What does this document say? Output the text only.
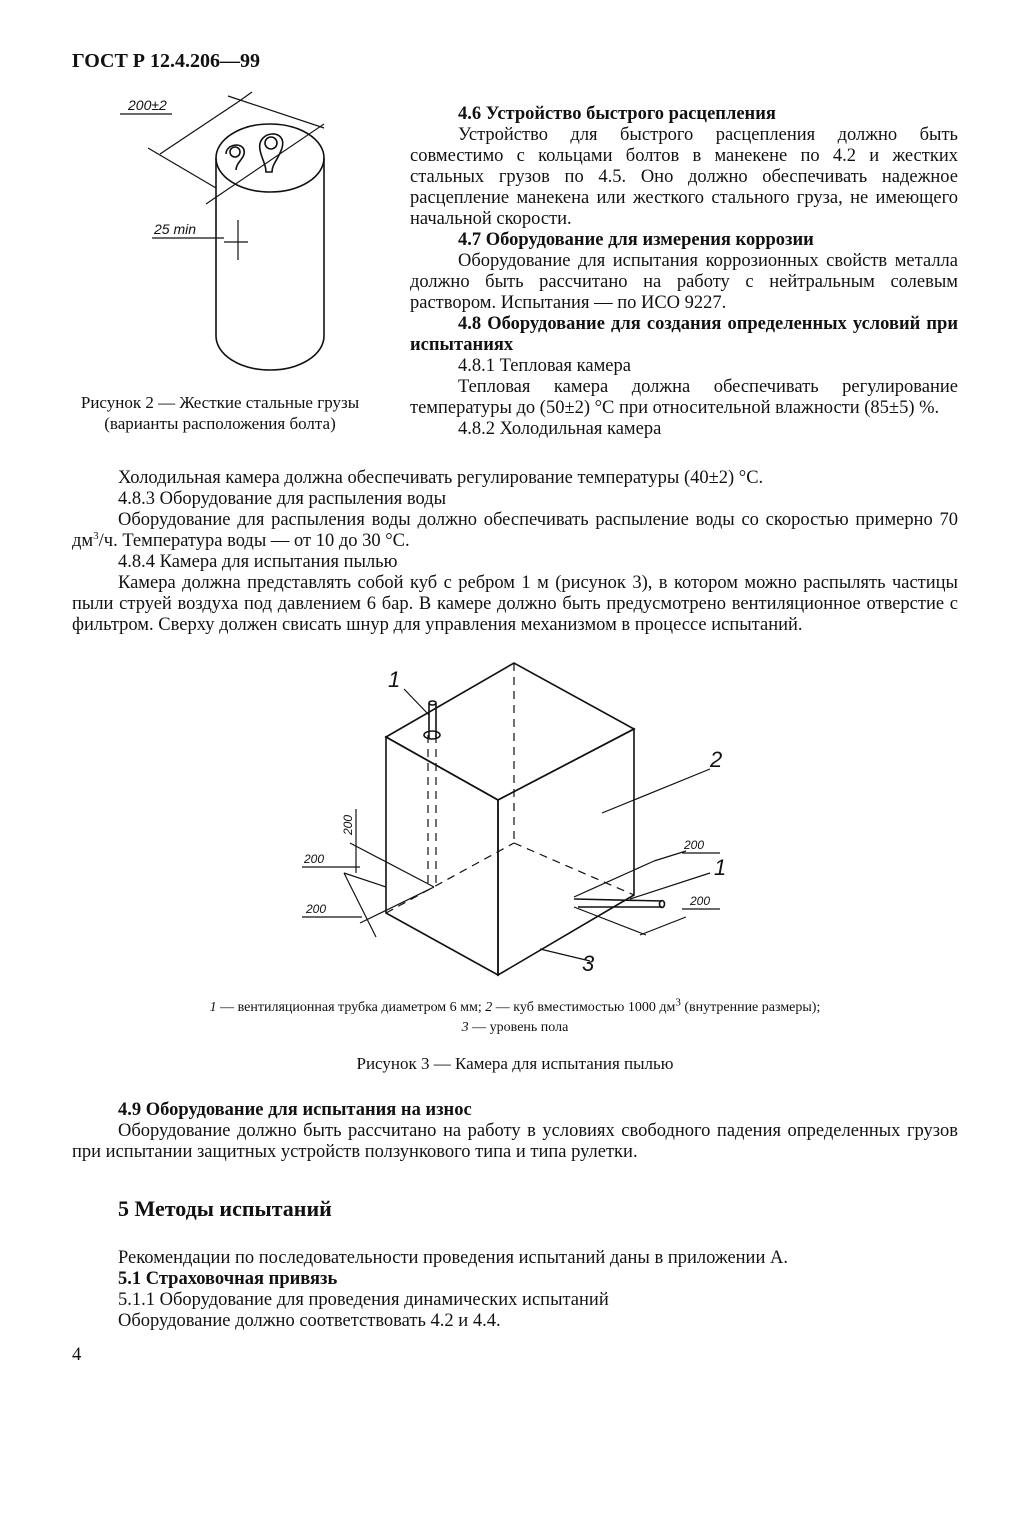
ГОСТ Р 12.4.206—99
200±2
25 min
Рисунок 2 — Жесткие стальные грузы
(варианты расположения болта)
4.6 Устройство быстрого расцепления
Устройство для быстрого расцепления должно быть совместимо с кольцами болтов в манекене по 4.2 и жестких стальных грузов по 4.5. Оно должно обеспечивать надежное расцепление манекена или жесткого стального груза, не имеющего начальной скорости.
4.7 Оборудование для измерения коррозии
Оборудование для испытания коррозионных свойств металла должно быть рассчитано на работу с нейтральным солевым раствором. Испытания — по ИСО 9227.
4.8 Оборудование для создания определенных условий при испытаниях
4.8.1 Тепловая камера
Тепловая камера должна обеспечивать регулирование температуры до (50±2) °С при относительной влажности (85±5) %.
4.8.2 Холодильная камера
Холодильная камера должна обеспечивать регулирование температуры (40±2) °С.
4.8.3 Оборудование для распыления воды
Оборудование для распыления воды должно обеспечивать распыление воды со скоростью примерно 70 $дм^3/ч$. Температура воды — от 10 до 30 °С.
4.8.4 Камера для испытания пылью
Камера должна представлять собой куб с ребром 1 м (рисунок 3), в котором можно распылять частицы пыли струей воздуха под давлением 6 бар. В камере должно быть предусмотрено вентиляционное отверстие с фильтром. Сверху должен свисать шнур для управления механизмом в процессе испытаний.
1
2
1
3
200
200
200
200
200
1 — вентиляционная трубка диаметром 6 мм; 2 — куб вместимостью 1000 $дм^3$ (внутренние размеры);
3 — уровень пола
Рисунок 3 — Камера для испытания пылью
4.9 Оборудование для испытания на износ
Оборудование должно быть рассчитано на работу в условиях свободного падения определенных грузов при испытании защитных устройств ползункового типа и типа рулетки.
5 Методы испытаний
Рекомендации по последовательности проведения испытаний даны в приложении А.
5.1 Страховочная привязь
5.1.1 Оборудование для проведения динамических испытаний
Оборудование должно соответствовать 4.2 и 4.4.
4
